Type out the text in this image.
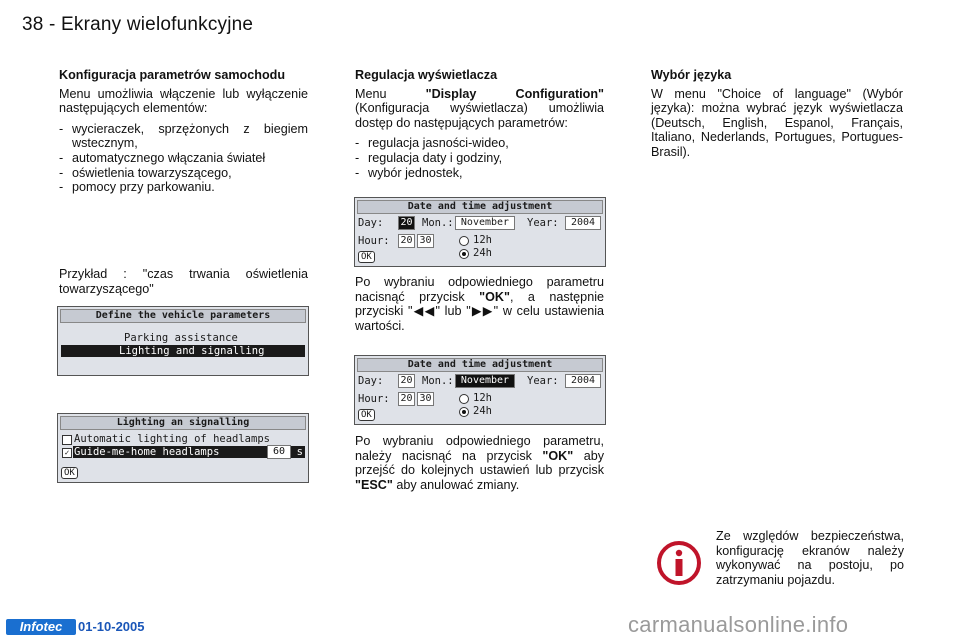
38 - Ekrany wielofunkcyjne
Konfiguracja parametrów samochodu

Menu umożliwia włączenie lub wyłączenie następujących elementów:

- wycieraczek, sprzężonych z biegiem wstecznym,
- automatycznego włączania świateł
- oświetlenia towarzyszącego,
- pomocy przy parkowaniu.

Przykład : "czas trwania oświetlenia towarzyszącego"

Define the vehicle parameters
Parking assistance
Lighting and signalling
Lighting an signalling
Automatic lighting of headlamps
✓ Guide-me-home headlamps	60	s
OK
Regulacja wyświetlacza

Menu "Display Configuration" (Konfiguracja wyświetlacza) umożliwia dostęp do następujących parametrów:

- regulacja jasności-wideo,
- regulacja daty i godziny,
- wybór jednostek,
Date and time adjustment
Day: 20 Mon.: November	Year:	2004
Hour: 20 30	12h
24h
OK

Po wybraniu odpowiedniego parametru nacisnąć przycisk "OK", a następnie przyciski "◀◀" lub "▶▶" w celu ustawienia wartości.

Date and time adjustment
Day: 20 Mon.: November	Year:	2004
Hour: 20 30	12h
24h
OK

Po wybraniu odpowiedniego parametru, należy nacisnąć na przycisk "OK" aby przejść do kolejnych ustawień lub przycisk "ESC" aby anulować zmiany.

Wybór języka

W menu "Choice of language" (Wybór języka): można wybrać język wyświetlacza (Deutsch, English, Espanol, Français, Italiano, Nederlands, Portugues, Portugues-Brasil).

Ze względów bezpieczeństwa, konfigurację ekranów należy wykonywać na postoju, po zatrzymaniu pojazdu.
Infotec	01-10-2005	carmanualsonline.info
